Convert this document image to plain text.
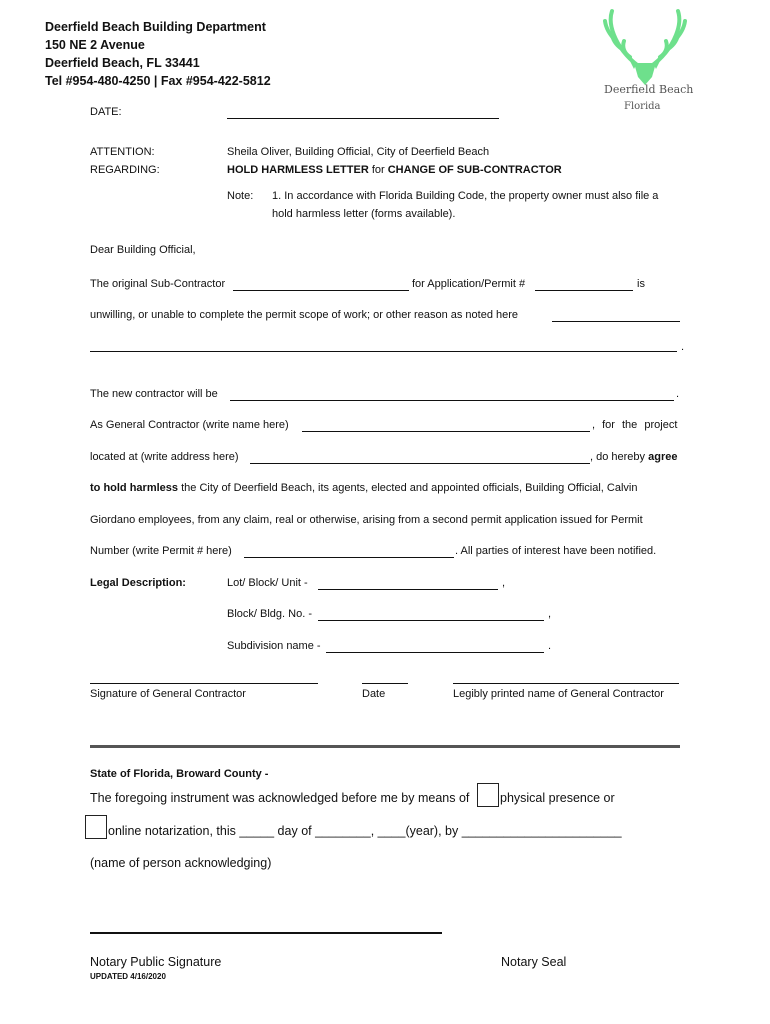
Deerfield Beach Building Department
150 NE 2 Avenue
Deerfield Beach, FL 33441
Tel #954-480-4250 | Fax #954-422-5812
Deerfield Beach
Florida
DATE:
ATTENTION:	Sheila Oliver, Building Official, City of Deerfield Beach
REGARDING:	HOLD HARMLESS LETTER for CHANGE OF SUB-CONTRACTOR
Note: 1. In accordance with Florida Building Code, the property owner must also file a
hold harmless letter (forms available).
Dear Building Official,
The original Sub-Contractor	for Application/Permit #	is
unwilling, or unable to complete the permit scope of work; or other reason as noted here
.
The new contractor will be	.
As General Contractor (write name here)	, for the project
located at (write address here)	, do hereby agree
to hold harmless the City of Deerfield Beach, its agents, elected and appointed officials, Building Official, Calvin
Giordano employees, from any claim, real or otherwise, arising from a second permit application issued for Permit
Number (write Permit # here)	. All parties of interest have been notified.
Legal Description:	Lot/ Block/ Unit -	,
Block/ Bldg. No. -	,
Subdivision name -	.
Signature of General Contractor	Date	Legibly printed name of General Contractor
State of Florida, Broward County -
The foregoing instrument was acknowledged before me by means of physical presence or
online notarization, this _____ day of ________, ____(year), by _______________________
(name of person acknowledging)
Notary Public Signature	Notary Seal
UPDATED 4/16/2020
